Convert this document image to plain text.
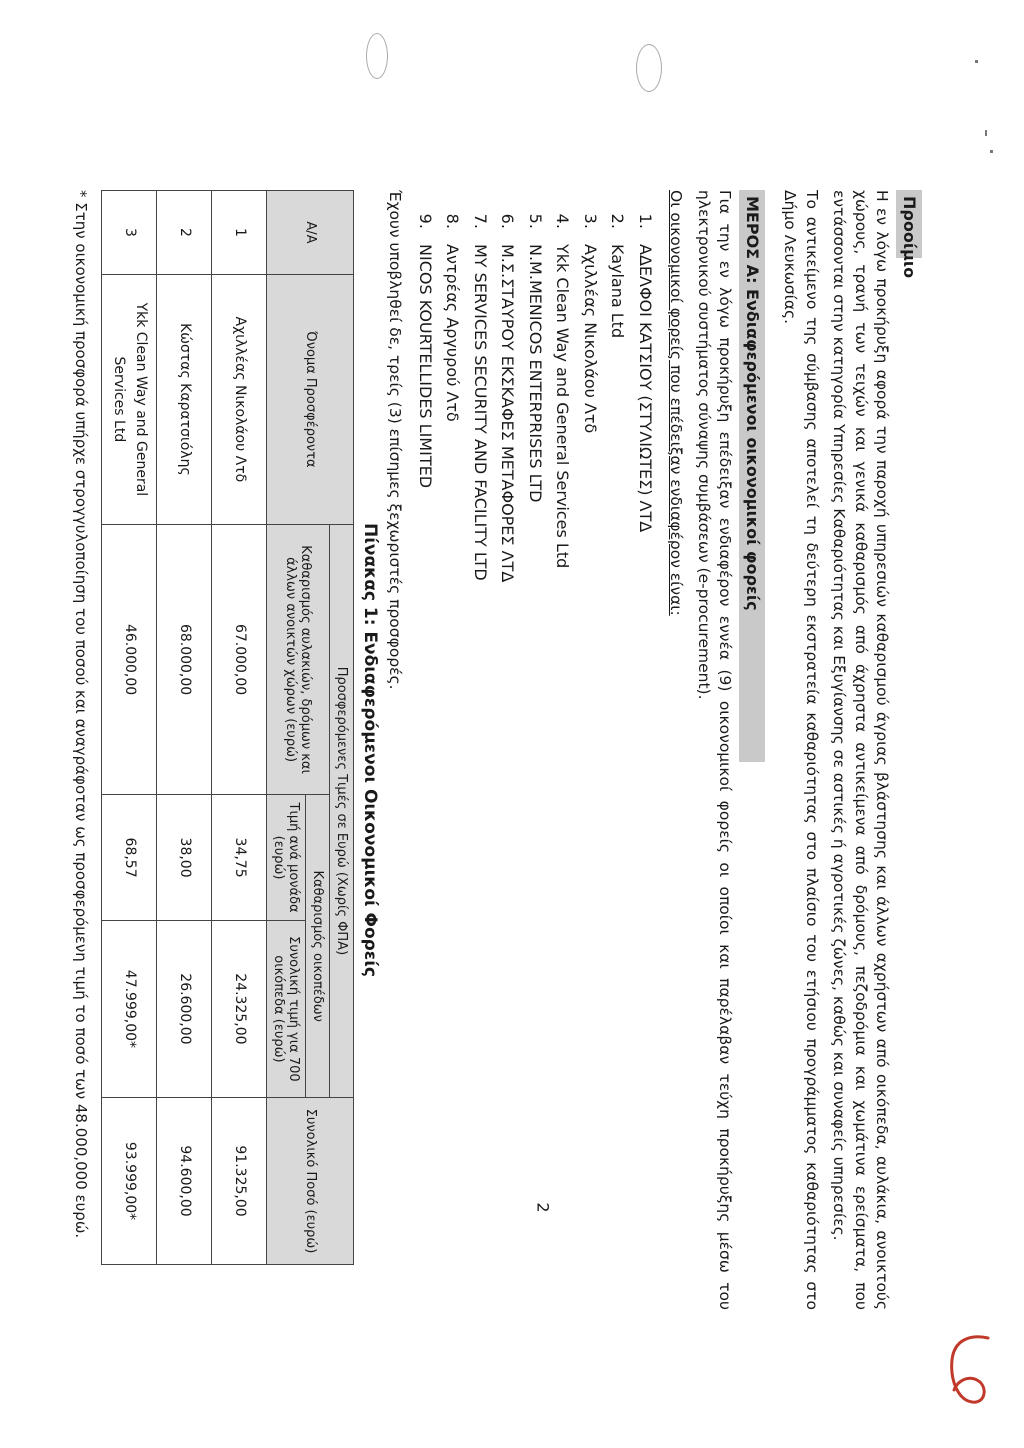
2
Προοίμιο

Η εν λόγω προκήρυξη αφορά την παροχή υπηρεσιών καθαρισμού άγριας βλάστησης και άλλων αχρήστων από οικόπεδα, αυλάκια, ανοικτούς χώρους, τρανή των τειχών και γενικά καθαρισμός από άχρηστα αντικείμενα από δρόμους, πεζοδρόμια και χωμάτινα ερείσματα, που εντάσσονται στην κατηγορία Υπηρεσίες Καθαριότητας και Εξυγίανσης σε αστικές ή αγροτικές ζώνες, καθώς και συναφείς υπηρεσίες.

Το αντικείμενο της σύμβασης αποτελεί τη δεύτερη εκστρατεία καθαριότητας στο πλαίσιο του ετήσιου προγράμματος καθαριότητας στο Δήμο Λευκωσίας.

ΜΕΡΟΣ Α: Ενδιαφερόμενοι οικονομικοί φορείς

Για την εν λόγω προκήρυξη επέδειξαν ενδιαφέρον εννέα (9) οικονομικοί φορείς οι οποίοι και παρέλαβαν τεύχη προκήρυξης μέσω του ηλεκτρονικού συστήματος σύναψης συμβάσεων (e-procurement).

Οι οικονομικοί φορείς που επέδειξαν ενδιαφέρον είναι:
1. ΑΔΕΛΦΟΙ ΚΑΤΣΙΟΥ (ΣΤΥΛΙΩΤΕΣ) ΛΤΔ
2. Kaylana Ltd
3. Αχιλλέας Νικολάου Λτδ
4. Ykk Clean Way and General Services Ltd
5. N.M.MENICOS ENTERPRISES LTD
6. Μ.Σ.ΣΤΑΥΡΟΥ ΕΚΣΚΑΦΕΣ ΜΕΤΑΦΟΡΕΣ ΛΤΔ
7. MY SERVICES SECURITY AND FACILITY LTD
8. Αντρέας Αργυρού Λτδ
9. NICOS KOURTELLIDES LIMITED
Έχουν υποβληθεί δε, τρείς (3) επίσημες ξεχωριστές προσφορές.
Πίνακας 1: Ενδιαφερόμενοι Οικονομικοί Φορείς
Α/Α	Όνομα Προσφέροντα	Προσφερόμενες Τιμές σε Ευρώ (Χωρίς ΦΠΑ)			Συνολικό Ποσό (ευρώ)
		Καθαρισμός αυλακιών, δρόμων και άλλων ανοικτών χώρων (ευρώ)	Καθαρισμός οικοπέδων		
			Τιμή ανά μονάδα (ευρώ)	Συνολική τιμή για 700 οικόπεδα (ευρώ)	
1	Αχιλλέας Νικολάου Λτδ	67.000,00	34,75	24.325,00	91.325,00
2	Κώστας Καρατσιόλης	68.000,00	38,00	26.600,00	94.600,00
3	Ykk Clean Way and General Services Ltd	46.000,00	68,57	47.999,00*	93.999,00*
* Στην οικονομική προσφορά υπήρχε στρογγυλοποίηση του ποσού και αναγράφοταν ως προσφερόμενη τιμή το ποσό των 48.000,000 ευρώ.
